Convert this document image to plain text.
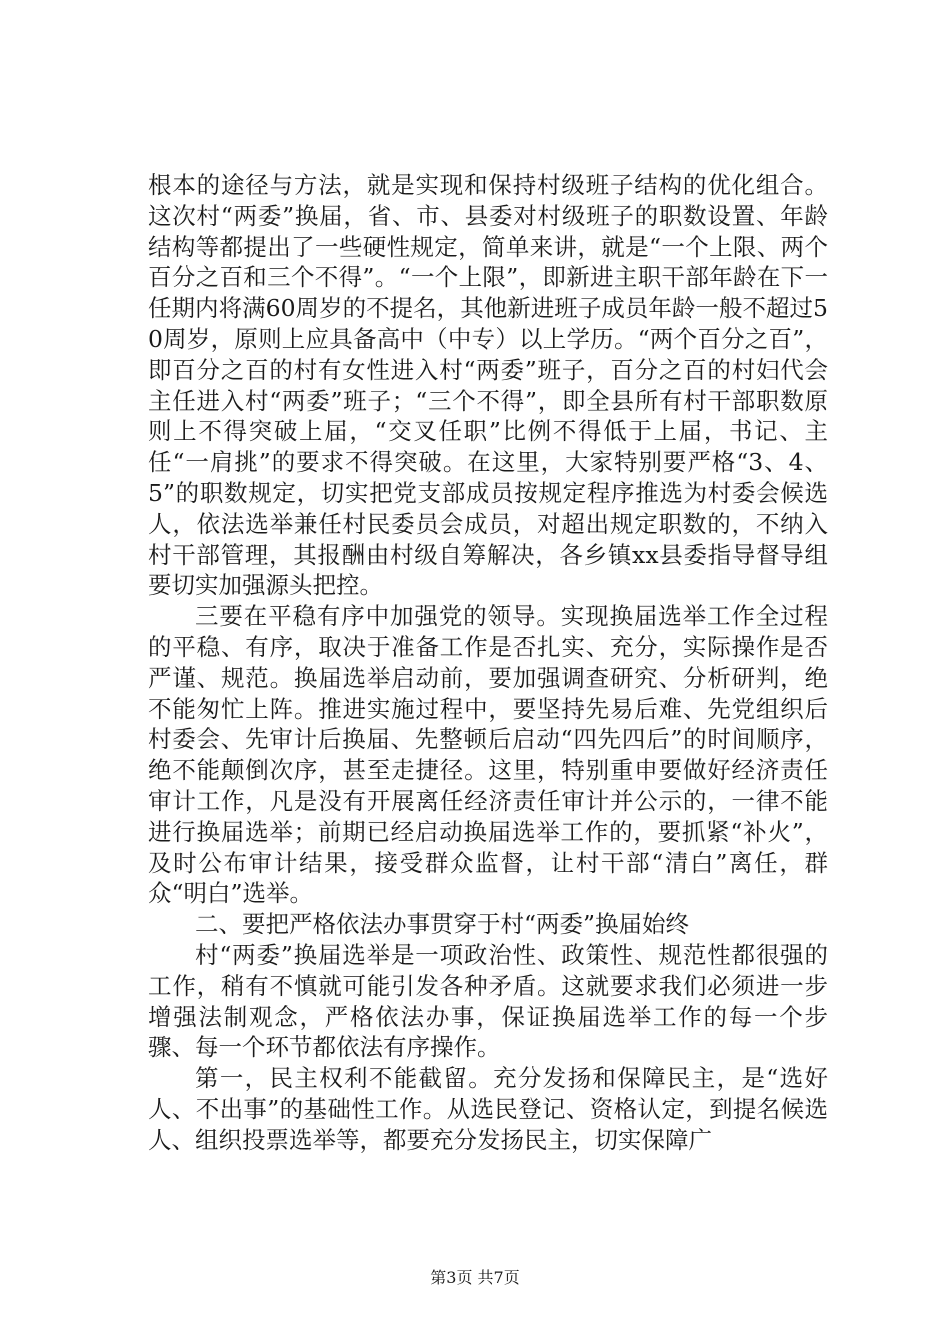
根本的途径与方法，就是实现和保持村级班子结构的优化组合。这次村“两委”换届，省、市、县委对村级班子的职数设置、年龄结构等都提出了一些硬性规定，简单来讲，就是“一个上限、两个百分之百和三个不得”。“一个上限”，即新进主职干部年龄在下一任期内将满60周岁的不提名，其他新进班子成员年龄一般不超过50周岁，原则上应具备高中（中专）以上学历。“两个百分之百”，即百分之百的村有女性进入村“两委”班子，百分之百的村妇代会主任进入村“两委”班子；“三个不得”，即全县所有村干部职数原则上不得突破上届，“交叉任职”比例不得低于上届，书记、主任“一肩挑”的要求不得突破。在这里，大家特别要严格“3、4、5”的职数规定，切实把党支部成员按规定程序推选为村委会候选人，依法选举兼任村民委员会成员，对超出规定职数的，不纳入村干部管理，其报酬由村级自筹解决，各乡镇xx县委指导督导组要切实加强源头把控。

三要在平稳有序中加强党的领导。实现换届选举工作全过程的平稳、有序，取决于准备工作是否扎实、充分，实际操作是否严谨、规范。换届选举启动前，要加强调查研究、分析研判，绝不能匆忙上阵。推进实施过程中，要坚持先易后难、先党组织后村委会、先审计后换届、先整顿后启动“四先四后”的时间顺序，绝不能颠倒次序，甚至走捷径。这里，特别重申要做好经济责任审计工作，凡是没有开展离任经济责任审计并公示的，一律不能进行换届选举；前期已经启动换届选举工作的，要抓紧“补火”，及时公布审计结果，接受群众监督，让村干部“清白”离任，群众“明白”选举。

二、要把严格依法办事贯穿于村“两委”换届始终

村“两委”换届选举是一项政治性、政策性、规范性都很强的工作，稍有不慎就可能引发各种矛盾。这就要求我们必须进一步增强法制观念，严格依法办事，保证换届选举工作的每一个步骤、每一个环节都依法有序操作。

第一，民主权利不能截留。充分发扬和保障民主，是“选好人、不出事”的基础性工作。从选民登记、资格认定，到提名候选人、组织投票选举等，都要充分发扬民主，切实保障广

第3页 共7页
